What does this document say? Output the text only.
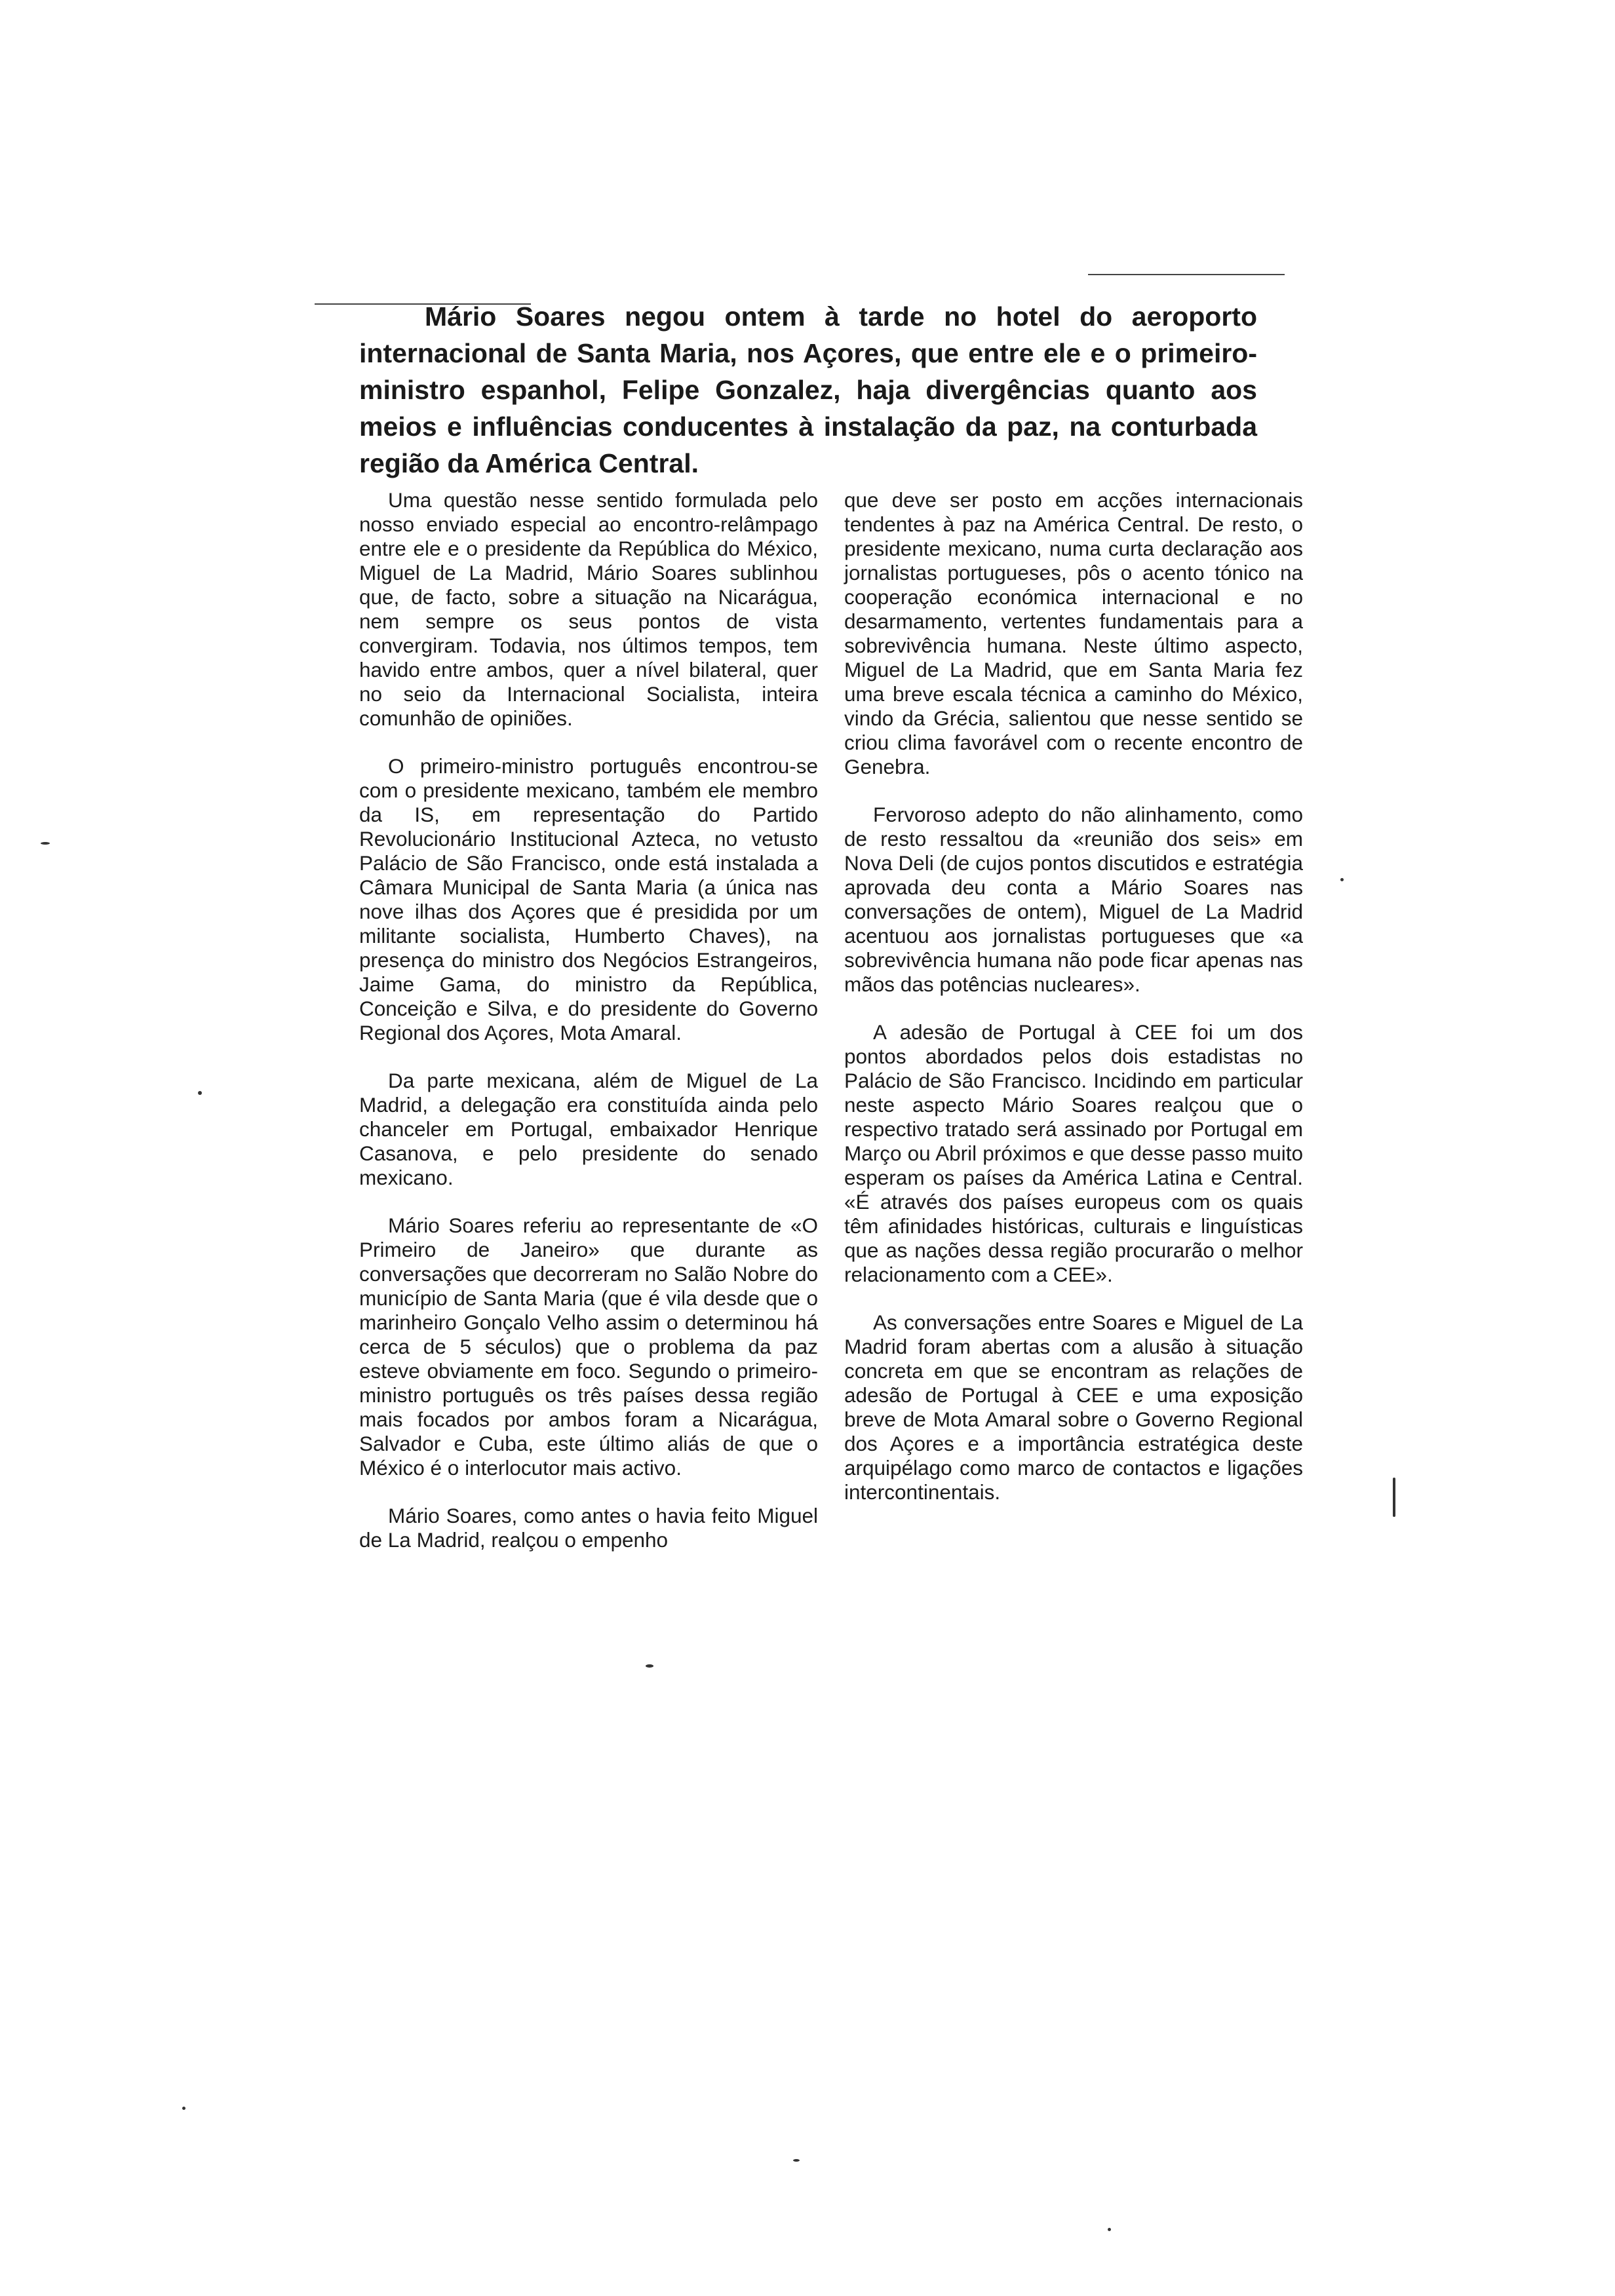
Mário Soares negou ontem à tarde no hotel do aeroporto internacional de Santa Maria, nos Açores, que entre ele e o primeiro-ministro espanhol, Felipe Gonzalez, haja divergências quanto aos meios e influências conducentes à instalação da paz, na conturbada região da América Central.

Uma questão nesse sentido formulada pelo nosso enviado especial ao encontro-relâmpago entre ele e o presidente da República do México, Miguel de La Madrid, Mário Soares sublinhou que, de facto, sobre a situação na Nicarágua, nem sempre os seus pontos de vista convergiram. Todavia, nos últimos tempos, tem havido entre ambos, quer a nível bilateral, quer no seio da Internacional Socialista, inteira comunhão de opiniões.

O primeiro-ministro português encontrou-se com o presidente mexicano, também ele membro da IS, em representação do Partido Revolucionário Institucional Azteca, no vetusto Palácio de São Francisco, onde está instalada a Câmara Municipal de Santa Maria (a única nas nove ilhas dos Açores que é presidida por um militante socialista, Humberto Chaves), na presença do ministro dos Negócios Estrangeiros, Jaime Gama, do ministro da República, Conceição e Silva, e do presidente do Governo Regional dos Açores, Mota Amaral.

Da parte mexicana, além de Miguel de La Madrid, a delegação era constituída ainda pelo chanceler em Portugal, embaixador Henrique Casanova, e pelo presidente do senado mexicano.

Mário Soares referiu ao representante de «O Primeiro de Janeiro» que durante as conversações que decorreram no Salão Nobre do município de Santa Maria (que é vila desde que o marinheiro Gonçalo Velho assim o determinou há cerca de 5 séculos) que o problema da paz esteve obviamente em foco. Segundo o primeiro-ministro português os três países dessa região mais focados por ambos foram a Nicarágua, Salvador e Cuba, este último aliás de que o México é o interlocutor mais activo.

Mário Soares, como antes o havia feito Miguel de La Madrid, realçou o empenho

que deve ser posto em acções internacionais tendentes à paz na América Central. De resto, o presidente mexicano, numa curta declaração aos jornalistas portugueses, pôs o acento tónico na cooperação económica internacional e no desarmamento, vertentes fundamentais para a sobrevivência humana. Neste último aspecto, Miguel de La Madrid, que em Santa Maria fez uma breve escala técnica a caminho do México, vindo da Grécia, salientou que nesse sentido se criou clima favorável com o recente encontro de Genebra.

Fervoroso adepto do não alinhamento, como de resto ressaltou da «reunião dos seis» em Nova Deli (de cujos pontos discutidos e estratégia aprovada deu conta a Mário Soares nas conversações de ontem), Miguel de La Madrid acentuou aos jornalistas portugueses que «a sobrevivência humana não pode ficar apenas nas mãos das potências nucleares».

A adesão de Portugal à CEE foi um dos pontos abordados pelos dois estadistas no Palácio de São Francisco. Incidindo em particular neste aspecto Mário Soares realçou que o respectivo tratado será assinado por Portugal em Março ou Abril próximos e que desse passo muito esperam os países da América Latina e Central. «É através dos países europeus com os quais têm afinidades históricas, culturais e linguísticas que as nações dessa região procurarão o melhor relacionamento com a CEE».

As conversações entre Soares e Miguel de La Madrid foram abertas com a alusão à situação concreta em que se encontram as relações de adesão de Portugal à CEE e uma exposição breve de Mota Amaral sobre o Governo Regional dos Açores e a importância estratégica deste arquipélago como marco de contactos e ligações intercontinentais.
